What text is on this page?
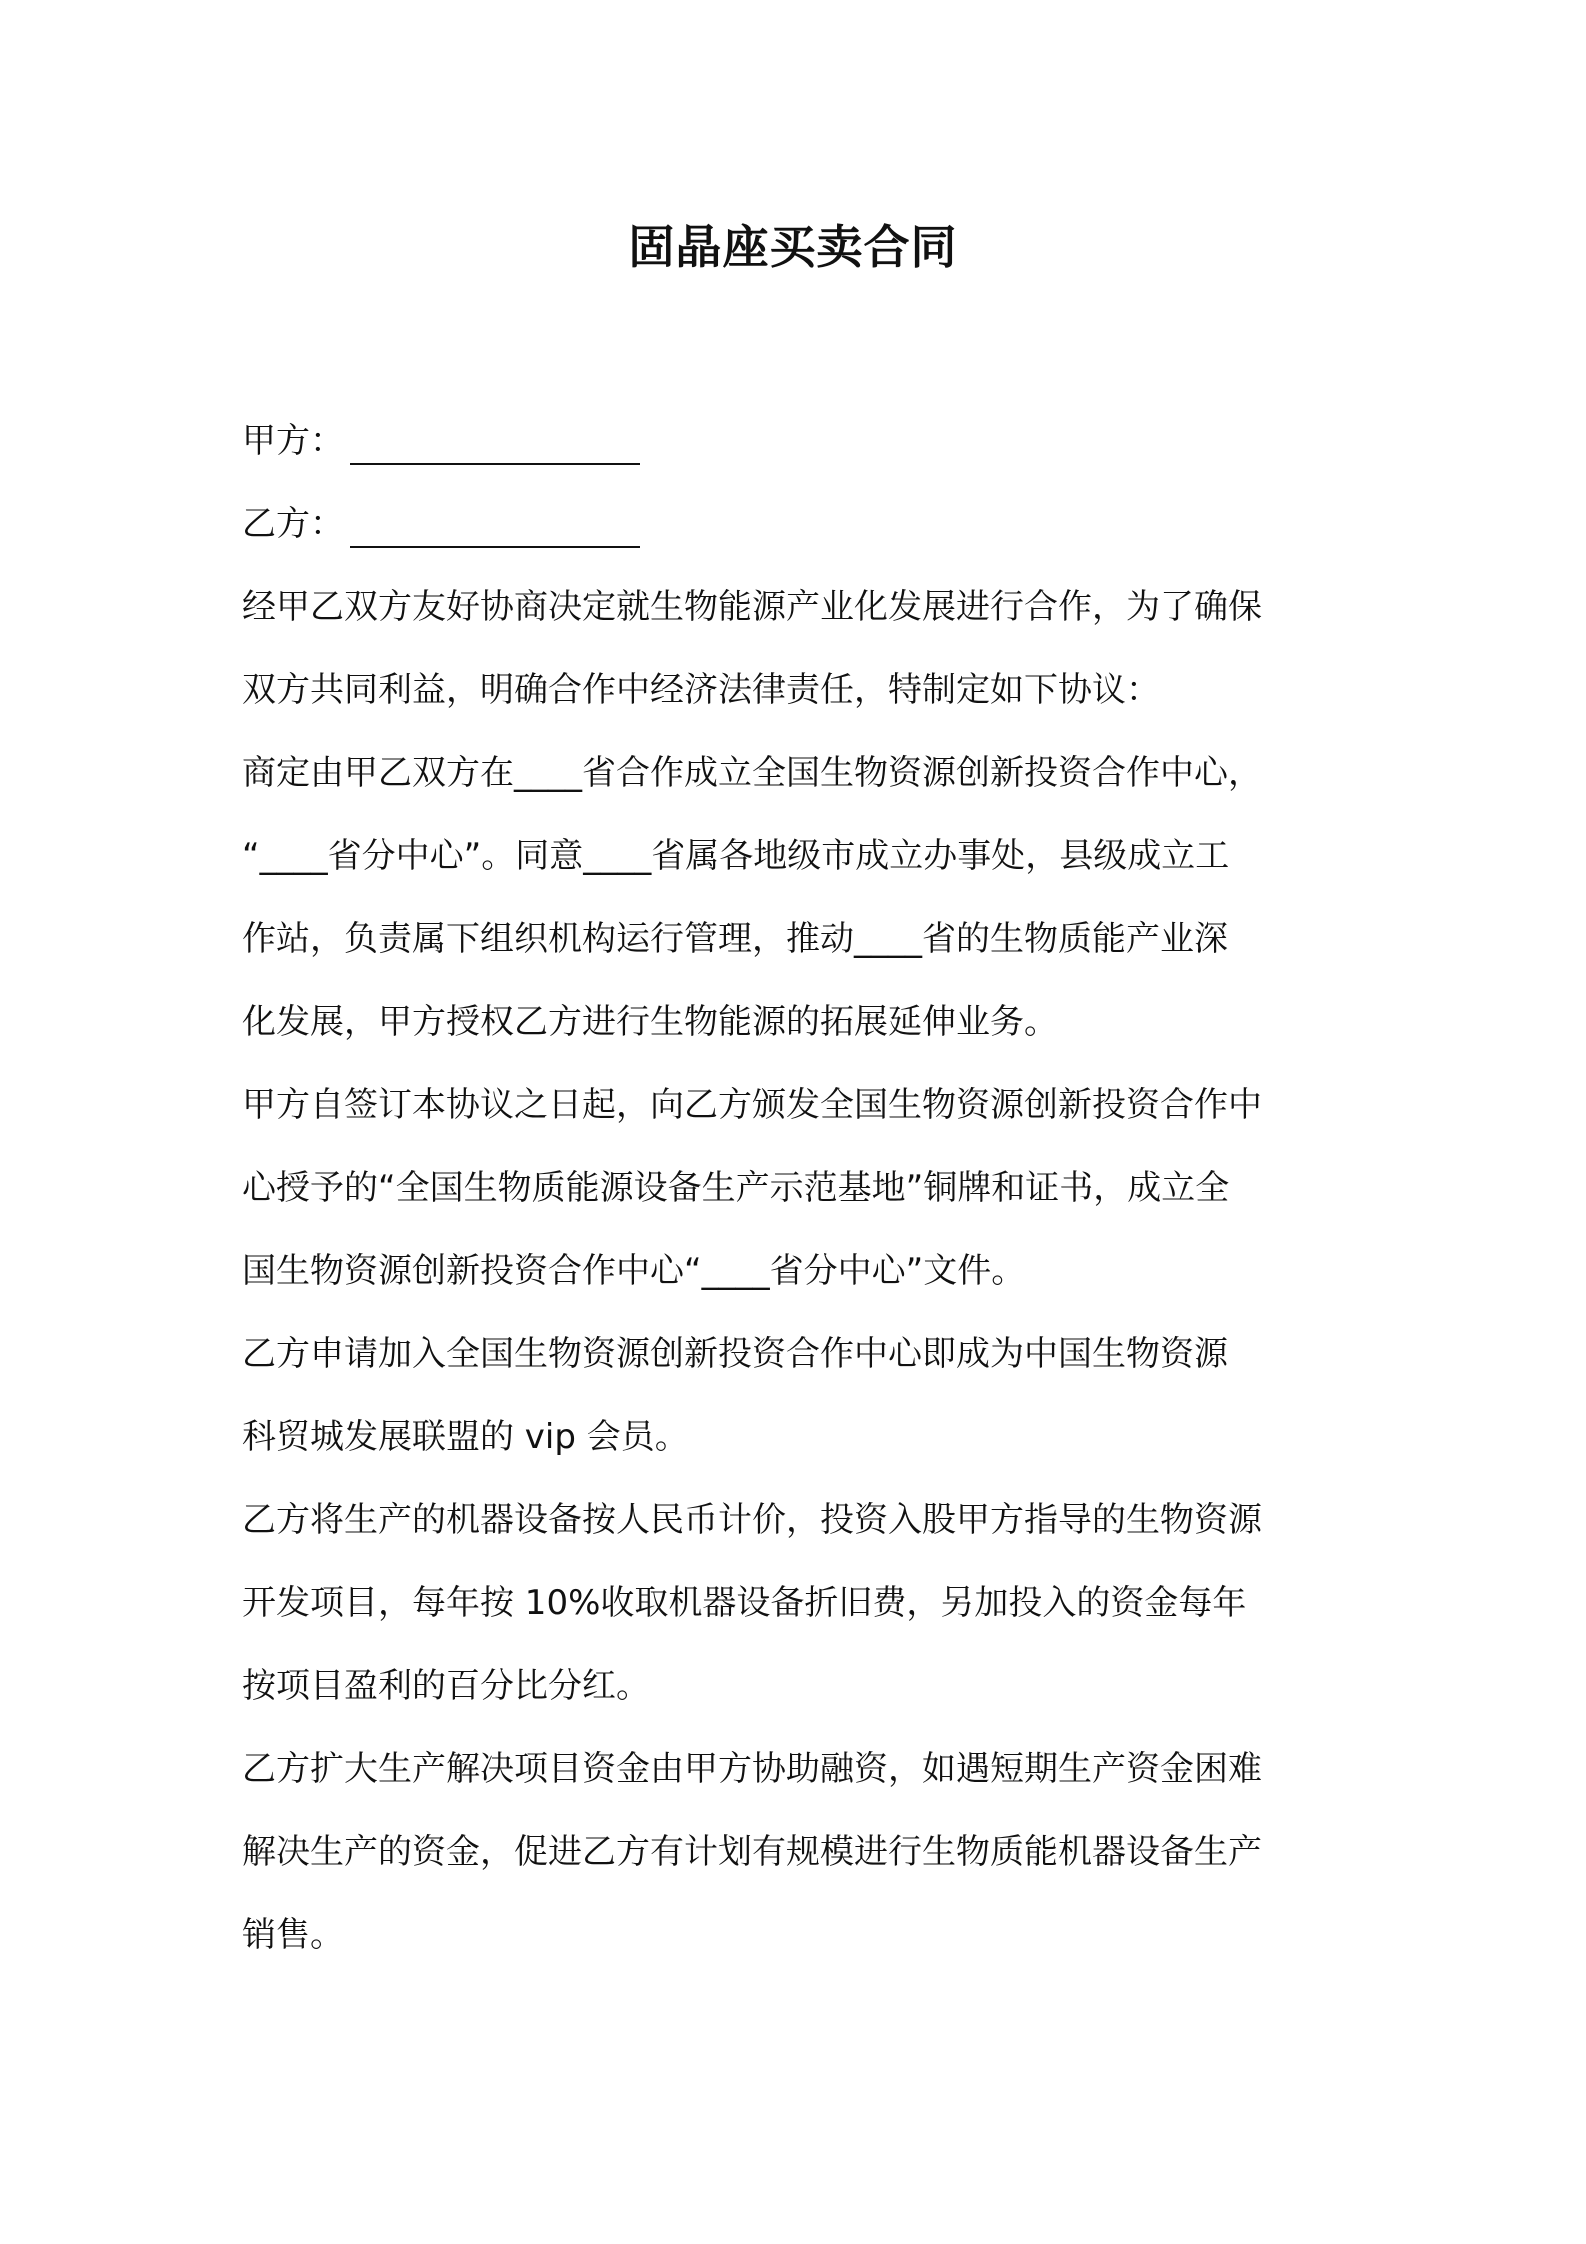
固晶座买卖合同
甲方：
乙方：
经甲乙双方友好协商决定就生物能源产业化发展进行合作，为了确保
双方共同利益，明确合作中经济法律责任，特制定如下协议：
商定由甲乙双方在____省合作成立全国生物资源创新投资合作中心，
“____省分中心”。同意____省属各地级市成立办事处，县级成立工
作站，负责属下组织机构运行管理，推动____省的生物质能产业深
化发展，甲方授权乙方进行生物能源的拓展延伸业务。
甲方自签订本协议之日起，向乙方颁发全国生物资源创新投资合作中
心授予的“全国生物质能源设备生产示范基地”铜牌和证书，成立全
国生物资源创新投资合作中心“____省分中心”文件。
乙方申请加入全国生物资源创新投资合作中心即成为中国生物资源
科贸城发展联盟的 vip 会员。
乙方将生产的机器设备按人民币计价，投资入股甲方指导的生物资源
开发项目，每年按 10%收取机器设备折旧费，另加投入的资金每年
按项目盈利的百分比分红。
乙方扩大生产解决项目资金由甲方协助融资，如遇短期生产资金困难
解决生产的资金，促进乙方有计划有规模进行生物质能机器设备生产
销售。
